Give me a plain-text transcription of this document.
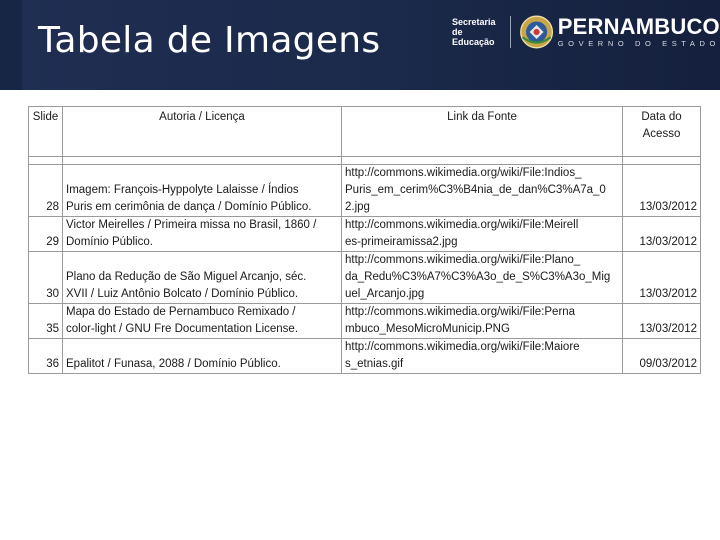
Tabela de Imagens	Secretaria de
Educação
PERNAMBUCO
GOVERNO DO ESTADO
Slide	Autoria / Licença	Link da Fonte	Data do
Acesso

28	Imagem: François-Hyppolyte Lalaisse / Índios
Puris em cerimônia de dança / Domínio Público.	http://commons.wikimedia.org/wiki/File:Indios_
Puris_em_cerim%C3%B4nia_de_dan%C3%A7a_0
2.jpg	13/03/2012
29	Victor Meirelles / Primeira missa no Brasil, 1860 /
Domínio Público.	http://commons.wikimedia.org/wiki/File:Meirell
es-primeiramissa2.jpg	13/03/2012
30	Plano da Redução de São Miguel Arcanjo, séc.
XVII / Luiz Antônio Bolcato / Domínio Público.	http://commons.wikimedia.org/wiki/File:Plano_
da_Redu%C3%A7%C3%A3o_de_S%C3%A3o_Mig
uel_Arcanjo.jpg	13/03/2012
35	Mapa do Estado de Pernambuco Remixado /
color-light / GNU Fre Documentation License.	http://commons.wikimedia.org/wiki/File:Perna
mbuco_MesoMicroMunicip.PNG	13/03/2012
36	Epalitot / Funasa, 2088 / Domínio Público.	http://commons.wikimedia.org/wiki/File:Maiore
s_etnias.gif	09/03/2012
